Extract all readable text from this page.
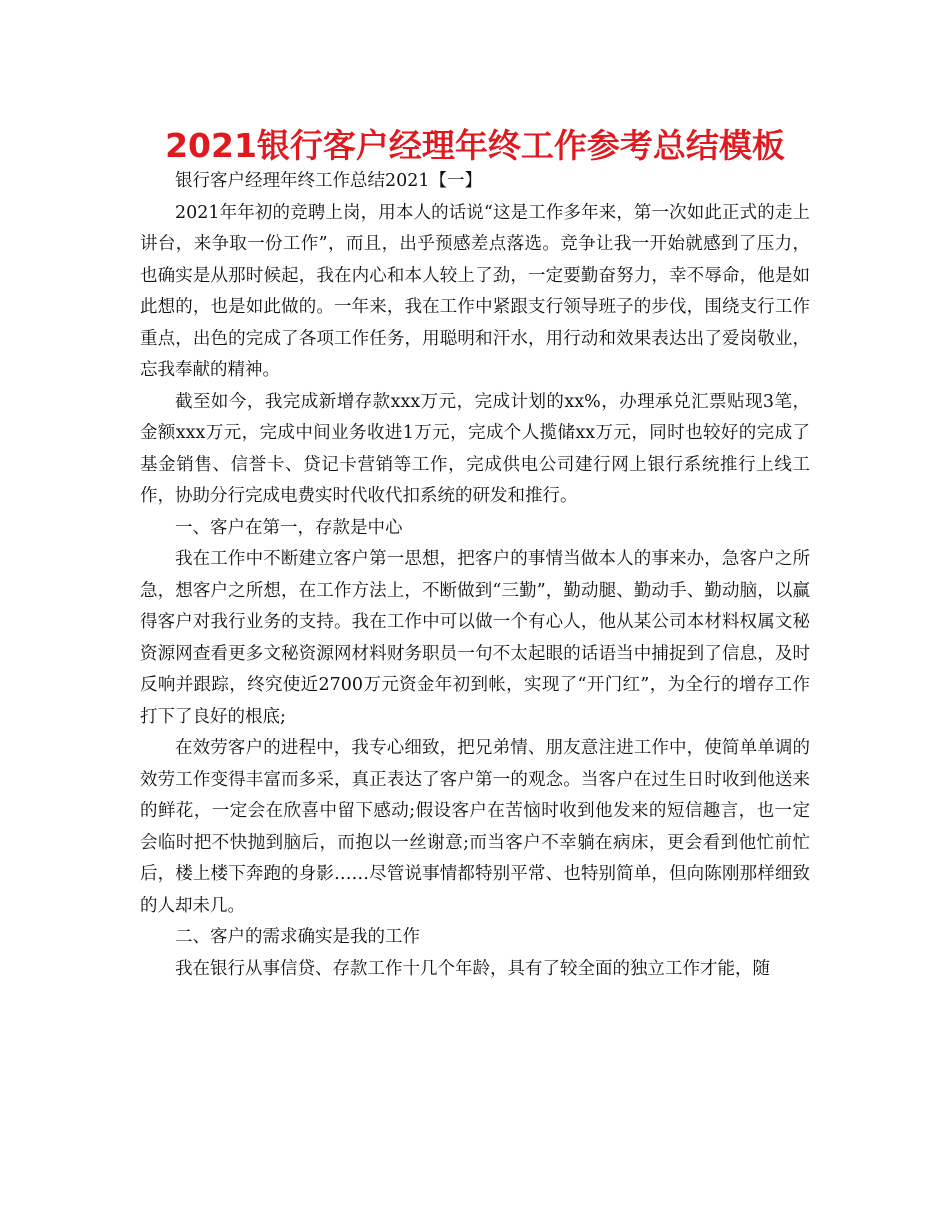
2021银行客户经理年终工作参考总结模板

银行客户经理年终工作总结2021【一】

2021年年初的竞聘上岗，用本人的话说“这是工作多年来，第一次如此正式的走上讲台，来争取一份工作”，而且，出乎预感差点落选。竞争让我一开始就感到了压力，也确实是从那时候起，我在内心和本人较上了劲，一定要勤奋努力，幸不辱命，他是如此想的，也是如此做的。一年来，我在工作中紧跟支行领导班子的步伐，围绕支行工作重点，出色的完成了各项工作任务，用聪明和汗水，用行动和效果表达出了爱岗敬业，忘我奉献的精神。

截至如今，我完成新增存款xxx万元，完成计划的xx%，办理承兑汇票贴现3笔，金额xxx万元，完成中间业务收进1万元，完成个人揽储xx万元，同时也较好的完成了基金销售、信誉卡、贷记卡营销等工作，完成供电公司建行网上银行系统推行上线工作，协助分行完成电费实时代收代扣系统的研发和推行。

一、客户在第一，存款是中心

我在工作中不断建立客户第一思想，把客户的事情当做本人的事来办，急客户之所急，想客户之所想，在工作方法上，不断做到“三勤”，勤动腿、勤动手、勤动脑，以赢得客户对我行业务的支持。我在工作中可以做一个有心人，他从某公司本材料权属文秘资源网查看更多文秘资源网材料财务职员一句不太起眼的话语当中捕捉到了信息，及时反响并跟踪，终究使近2700万元资金年初到帐，实现了“开门红”，为全行的增存工作打下了良好的根底;

在效劳客户的进程中，我专心细致，把兄弟情、朋友意注进工作中，使简单单调的效劳工作变得丰富而多采，真正表达了客户第一的观念。当客户在过生日时收到他送来的鲜花，一定会在欣喜中留下感动;假设客户在苦恼时收到他发来的短信趣言，也一定会临时把不快抛到脑后，而抱以一丝谢意;而当客户不幸躺在病床，更会看到他忙前忙后，楼上楼下奔跑的身影……尽管说事情都特别平常、也特别简单，但向陈刚那样细致的人却未几。

二、客户的需求确实是我的工作

我在银行从事信贷、存款工作十几个年龄，具有了较全面的独立工作才能，随
